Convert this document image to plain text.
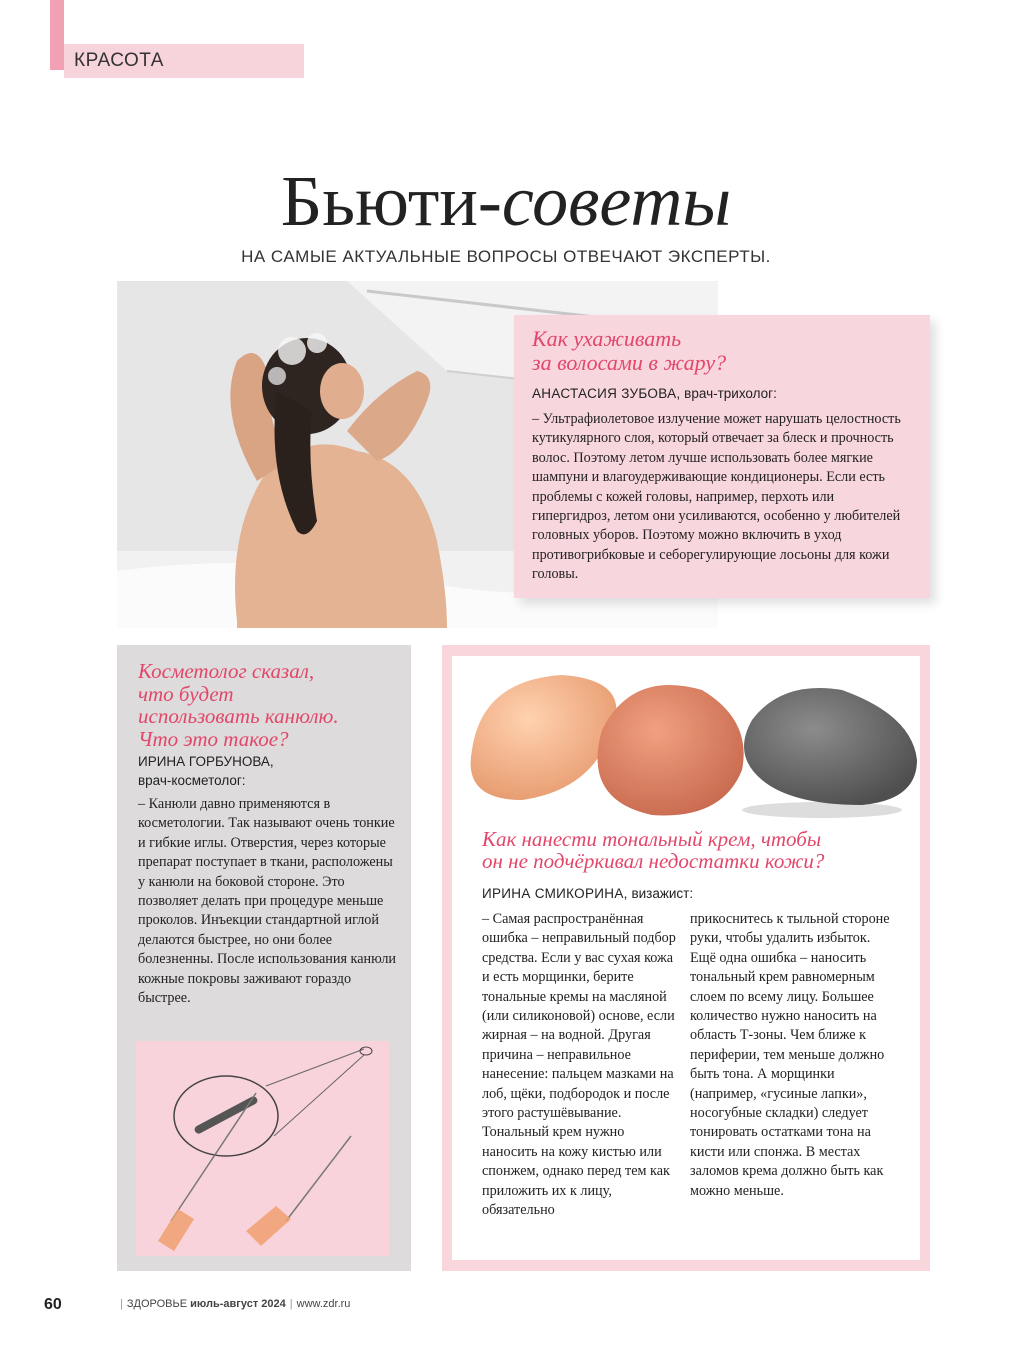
КРАСОТА
Бьюти-советы
НА САМЫЕ АКТУАЛЬНЫЕ ВОПРОСЫ ОТВЕЧАЮТ ЭКСПЕРТЫ.
Как ухаживать
за волосами в жару?
АНАСТАСИЯ ЗУБОВА, врач-трихолог:
– Ультрафиолетовое излучение может нарушать целостность кутикулярного слоя, который отвечает за блеск и прочность волос. Поэтому летом лучше использовать более мягкие шампуни и влагоудерживающие кондиционеры. Если есть проблемы с кожей головы, например, перхоть или гипергидроз, летом они усиливаются, особенно у любителей головных уборов. Поэтому можно включить в уход противогрибковые и себорегулирующие лосьоны для кожи головы.
Косметолог сказал,
что будет
использовать канюлю.
Что это такое?
ИРИНА ГОРБУНОВА,
врач-косметолог:
– Канюли давно применяются в косметологии. Так называют очень тонкие и гибкие иглы. Отверстия, через которые препарат поступает в ткани, расположены у канюли на боковой стороне. Это позволяет делать при процедуре меньше проколов. Инъекции стандартной иглой делаются быстрее, но они более болезненны. После использования канюли кожные покровы заживают гораздо быстрее.
Как нанести тональный крем, чтобы
он не подчёркивал недостатки кожи?
ИРИНА СМИКОРИНА, визажист:
– Самая распространённая ошибка – неправильный подбор средства. Если у вас сухая кожа и есть морщинки, берите тональные кремы на масляной (или силиконовой) основе, если жирная – на водной. Другая причина – неправильное нанесение: пальцем мазками на лоб, щёки, подбородок и после этого растушёвывание. Тональный крем нужно наносить на кожу кистью или спонжем, однако перед тем как приложить их к лицу, обязательно
прикоснитесь к тыльной стороне руки, чтобы удалить избыток. Ещё одна ошибка – наносить тональный крем равномерным слоем по всему лицу. Большее количество нужно наносить на область Т-зоны. Чем ближе к периферии, тем меньше должно быть тона. А морщинки (например, «гусиные лапки», носогубные складки) следует тонировать остатками тона на кисти или спонжа. В местах заломов крема должно быть как можно меньше.
60	| ЗДОРОВЬЕ июль-август 2024 | www.zdr.ru
